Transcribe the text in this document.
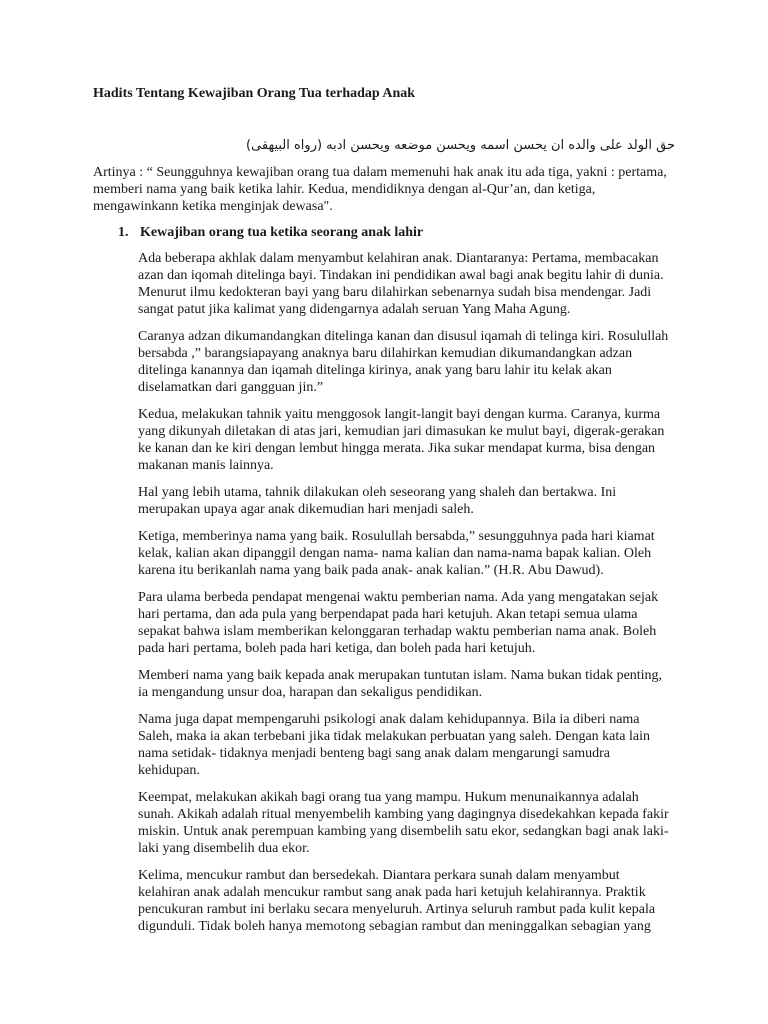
Hadits Tentang Kewajiban Orang Tua terhadap Anak

حق الولد على والده ان يحسن اسمه ويحسن موضعه ويحسن ادبه (رواه البيهقى)

Artinya : “ Seungguhnya kewajiban orang tua dalam memenuhi hak anak itu ada tiga, yakni : pertama, memberi nama yang baik ketika lahir. Kedua, mendidiknya dengan al-Qur’an, dan ketiga, mengawinkann ketika menginjak dewasa".

1. Kewajiban orang tua ketika seorang anak lahir

Ada beberapa akhlak dalam menyambut kelahiran anak. Diantaranya: Pertama, membacakan azan dan iqomah ditelinga bayi. Tindakan ini pendidikan awal bagi anak begitu lahir di dunia. Menurut ilmu kedokteran bayi yang baru dilahirkan sebenarnya sudah bisa mendengar. Jadi sangat patut jika kalimat yang didengarnya adalah seruan Yang Maha Agung.

Caranya adzan dikumandangkan ditelinga kanan dan disusul iqamah di telinga kiri. Rosulullah bersabda ,” barangsiapayang anaknya baru dilahirkan kemudian dikumandangkan adzan ditelinga kanannya dan iqamah ditelinga kirinya, anak yang baru lahir itu kelak akan diselamatkan dari gangguan jin.”

Kedua, melakukan tahnik yaitu menggosok langit-langit bayi dengan kurma. Caranya, kurma yang dikunyah diletakan di atas jari, kemudian jari dimasukan ke mulut bayi, digerak-gerakan ke kanan dan ke kiri dengan lembut hingga merata. Jika sukar mendapat kurma, bisa dengan makanan manis lainnya.

Hal yang lebih utama, tahnik dilakukan oleh seseorang yang shaleh dan bertakwa. Ini merupakan upaya agar anak dikemudian hari menjadi saleh.

Ketiga, memberinya nama yang baik. Rosulullah bersabda,” sesungguhnya pada hari kiamat kelak, kalian akan dipanggil dengan nama- nama kalian dan nama-nama bapak kalian. Oleh karena itu berikanlah nama yang baik pada anak- anak kalian.” (H.R. Abu Dawud).

Para ulama berbeda pendapat mengenai waktu pemberian nama. Ada yang mengatakan sejak hari pertama, dan ada pula yang berpendapat pada hari ketujuh. Akan tetapi semua ulama sepakat bahwa islam memberikan kelonggaran terhadap waktu pemberian nama anak. Boleh pada hari pertama, boleh pada hari ketiga, dan boleh pada hari ketujuh.

Memberi nama yang baik kepada anak merupakan tuntutan islam. Nama bukan tidak penting, ia mengandung unsur doa, harapan dan sekaligus pendidikan.

Nama juga dapat mempengaruhi psikologi anak dalam kehidupannya. Bila ia diberi nama Saleh, maka ia akan terbebani jika tidak melakukan perbuatan yang saleh. Dengan kata lain nama setidak- tidaknya menjadi benteng bagi sang anak dalam mengarungi samudra kehidupan.

Keempat, melakukan akikah bagi orang tua yang mampu. Hukum menunaikannya adalah sunah. Akikah adalah ritual menyembelih kambing yang dagingnya disedekahkan kepada fakir miskin. Untuk anak perempuan kambing yang disembelih satu ekor, sedangkan bagi anak laki- laki yang disembelih dua ekor.

Kelima, mencukur rambut dan bersedekah. Diantara perkara sunah dalam menyambut kelahiran anak adalah mencukur rambut sang anak pada hari ketujuh kelahirannya. Praktik pencukuran rambut ini berlaku secara menyeluruh. Artinya seluruh rambut pada kulit kepala digunduli. Tidak boleh hanya memotong sebagian rambut dan meninggalkan sebagian yang
